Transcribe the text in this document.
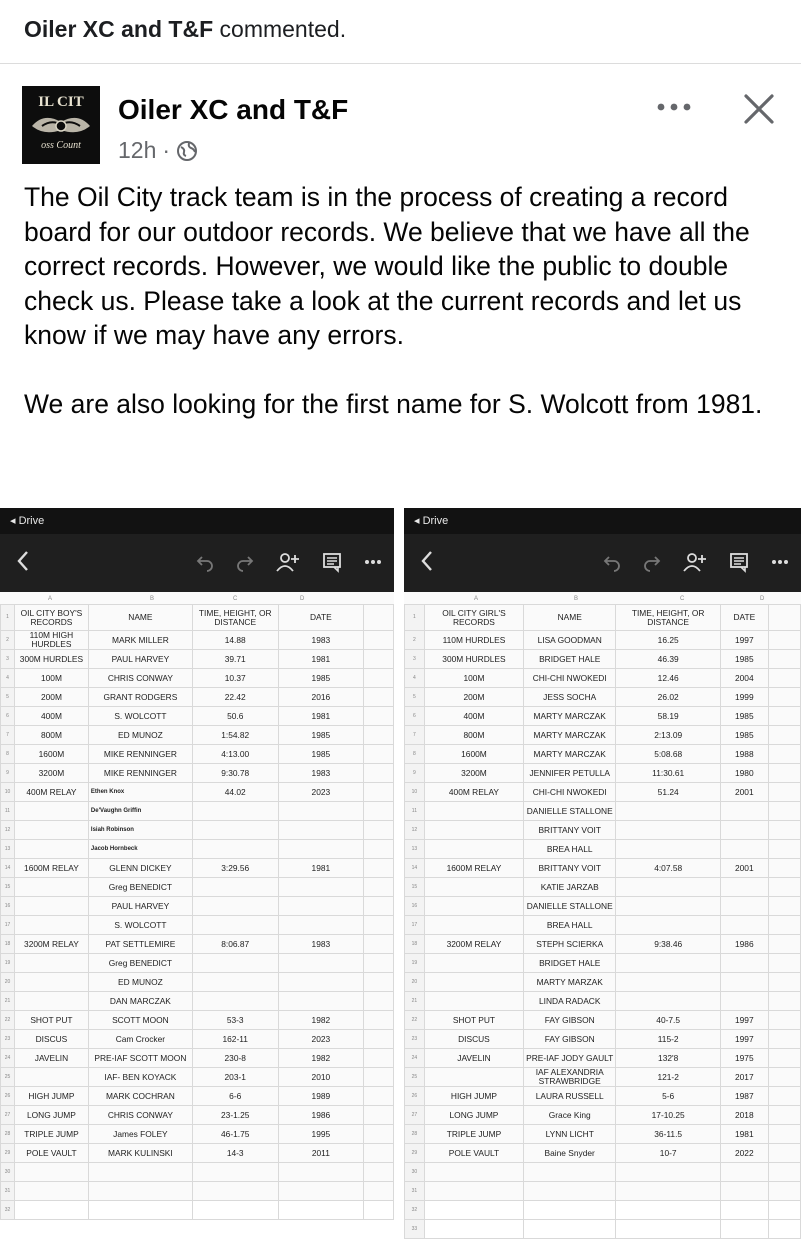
Oiler XC and T&F commented.
IL CIT
oss Count
Oiler XC and T&F
12h ·

The Oil City track team is in the process of creating a record board for our outdoor records. We believe that we have all the correct records. However, we would like the public to double check us. Please take a look at the current records and let us know if we may have any errors.

We are also looking for the first name for S. Wolcott from 1981.

◂ Drive
A	B	C	D
1	OIL CITY BOY'S RECORDS	NAME	TIME, HEIGHT, OR DISTANCE	DATE	
2	110M HIGH HURDLES	MARK MILLER	14.88	1983	
3	300M HURDLES	PAUL HARVEY	39.71	1981	
4	100M	CHRIS CONWAY	10.37	1985	
5	200M	GRANT RODGERS	22.42	2016	
6	400M	S. WOLCOTT	50.6	1981	
7	800M	ED MUNOZ	1:54.82	1985	
8	1600M	MIKE RENNINGER	4:13.00	1985	
9	3200M	MIKE RENNINGER	9:30.78	1983	
10	400M RELAY	Ethen Knox	44.02	2023	
11		De'Vaughn Griffin			
12		Isiah Robinson			
13		Jacob Hornbeck			
14	1600M RELAY	GLENN DICKEY	3:29.56	1981	
15		Greg BENEDICT			
16		PAUL HARVEY			
17		S. WOLCOTT			
18	3200M RELAY	PAT SETTLEMIRE	8:06.87	1983	
19		Greg BENEDICT			
20		ED MUNOZ			
21		DAN MARCZAK			
22	SHOT PUT	SCOTT MOON	53-3	1982	
23	DISCUS	Cam Crocker	162-11	2023	
24	JAVELIN	PRE-IAF SCOTT MOON	230-8	1982	
25		IAF- BEN KOYACK	203-1	2010	
26	HIGH JUMP	MARK COCHRAN	6-6	1989	
27	LONG JUMP	CHRIS CONWAY	23-1.25	1986	
28	TRIPLE JUMP	James FOLEY	46-1.75	1995	
29	POLE VAULT	MARK KULINSKI	14-3	2011	
30					
31					
32					
◂ Drive
A	B	C	D
1	OIL CITY GIRL'S RECORDS	NAME	TIME, HEIGHT, OR DISTANCE	DATE	
2	110M HURDLES	LISA GOODMAN	16.25	1997	
3	300M HURDLES	BRIDGET HALE	46.39	1985	
4	100M	CHI-CHI NWOKEDI	12.46	2004	
5	200M	JESS SOCHA	26.02	1999	
6	400M	MARTY MARCZAK	58.19	1985	
7	800M	MARTY MARCZAK	2:13.09	1985	
8	1600M	MARTY MARCZAK	5:08.68	1988	
9	3200M	JENNIFER PETULLA	11:30.61	1980	
10	400M RELAY	CHI-CHI NWOKEDI	51.24	2001	
11		DANIELLE STALLONE			
12		BRITTANY VOIT			
13		BREA HALL			
14	1600M RELAY	BRITTANY VOIT	4:07.58	2001	
15		KATIE JARZAB			
16		DANIELLE STALLONE			
17		BREA HALL			
18	3200M RELAY	STEPH SCIERKA	9:38.46	1986	
19		BRIDGET HALE			
20		MARTY MARZAK			
21		LINDA RADACK			
22	SHOT PUT	FAY GIBSON	40-7.5	1997	
23	DISCUS	FAY GIBSON	115-2	1997	
24	JAVELIN	PRE-IAF JODY GAULT	132'8	1975	
25		IAF ALEXANDRIA STRAWBRIDGE	121-2	2017	
26	HIGH JUMP	LAURA RUSSELL	5-6	1987	
27	LONG JUMP	Grace King	17-10.25	2018	
28	TRIPLE JUMP	LYNN LICHT	36-11.5	1981	
29	POLE VAULT	Baine Snyder	10-7	2022	
30					
31					
32					
33					
